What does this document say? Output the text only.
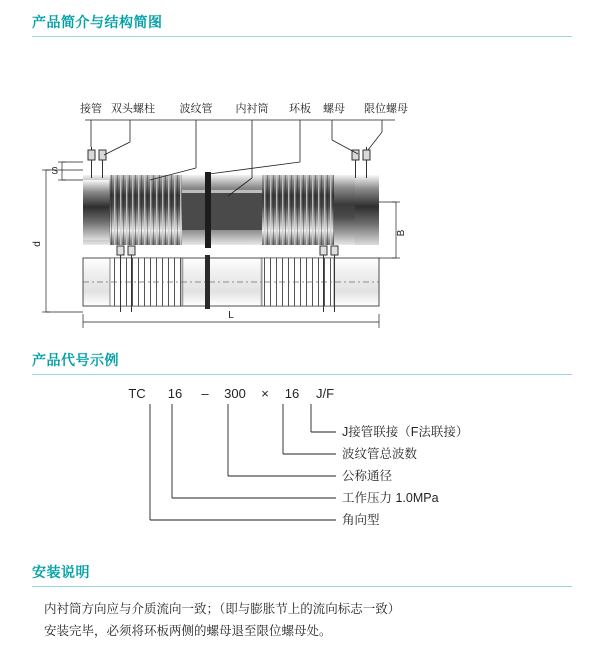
产品简介与结构简图
接管 双头螺柱 波纹管 内衬筒 环板 螺母 限位螺母
S
d
B
L
产品代号示例
TC 16 – 300 × 16 J/F
J接管联接（F法联接）
波纹管总波数
公称通径
工作压力 1.0MPa
角向型
安装说明
内衬筒方向应与介质流向一致；（即与膨胀节上的流向标志一致）
安装完毕，必须将环板两侧的螺母退至限位螺母处。
